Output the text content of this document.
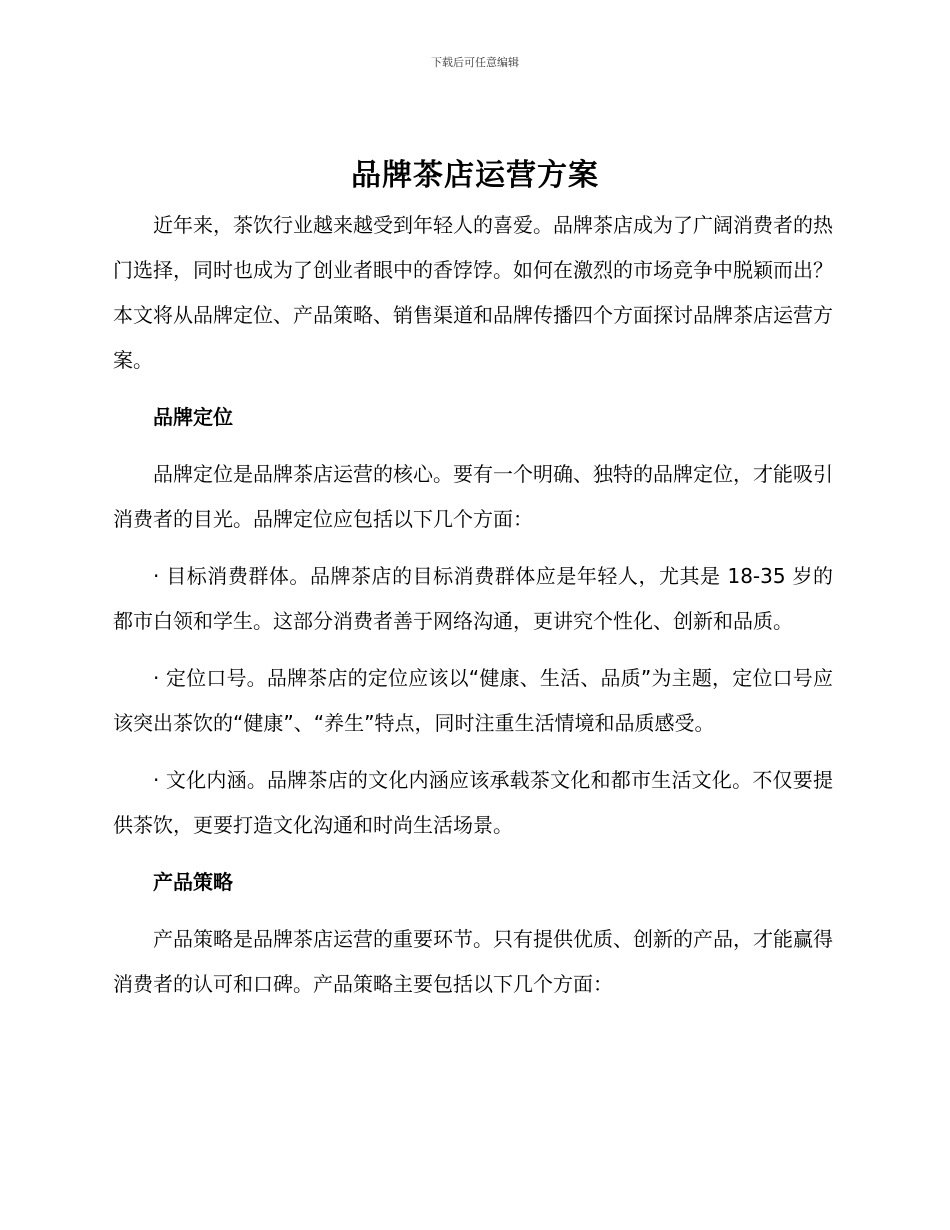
下载后可任意编辑
品牌茶店运营方案

近年来，茶饮行业越来越受到年轻人的喜爱。品牌茶店成为了广阔消费者的热门选择，同时也成为了创业者眼中的香饽饽。如何在激烈的市场竞争中脱颖而出？本文将从品牌定位、产品策略、销售渠道和品牌传播四个方面探讨品牌茶店运营方案。

品牌定位

品牌定位是品牌茶店运营的核心。要有一个明确、独特的品牌定位，才能吸引消费者的目光。品牌定位应包括以下几个方面：

· 目标消费群体。品牌茶店的目标消费群体应是年轻人，尤其是 18-35 岁的都市白领和学生。这部分消费者善于网络沟通，更讲究个性化、创新和品质。

· 定位口号。品牌茶店的定位应该以“健康、生活、品质”为主题，定位口号应该突出茶饮的“健康”、“养生”特点，同时注重生活情境和品质感受。

· 文化内涵。品牌茶店的文化内涵应该承载茶文化和都市生活文化。不仅要提供茶饮，更要打造文化沟通和时尚生活场景。

产品策略

产品策略是品牌茶店运营的重要环节。只有提供优质、创新的产品，才能赢得消费者的认可和口碑。产品策略主要包括以下几个方面：
